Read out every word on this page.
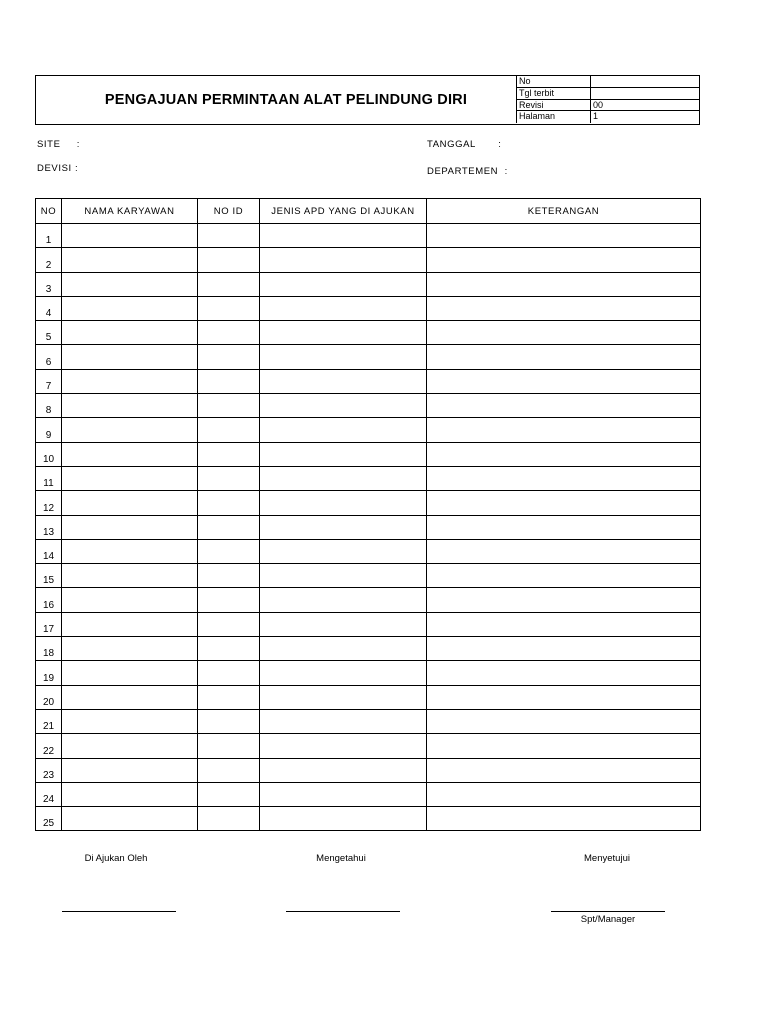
PENGAJUAN PERMINTAAN ALAT PELINDUNG DIRI
No
Tgl terbit
Revisi	00
Halaman	1
SITE     :	TANGGAL       :
DEVISI :	DEPARTEMEN  :
NO	NAMA KARYAWAN	NO ID	JENIS APD YANG DI AJUKAN	KETERANGAN
1				
2				
3				
4				
5				
6				
7				
8				
9				
10				
11				
12				
13				
14				
15				
16				
17				
18				
19				
20				
21				
22				
23				
24				
25				
Di Ajukan Oleh	Mengetahui	Menyetujui
Spt/Manager
